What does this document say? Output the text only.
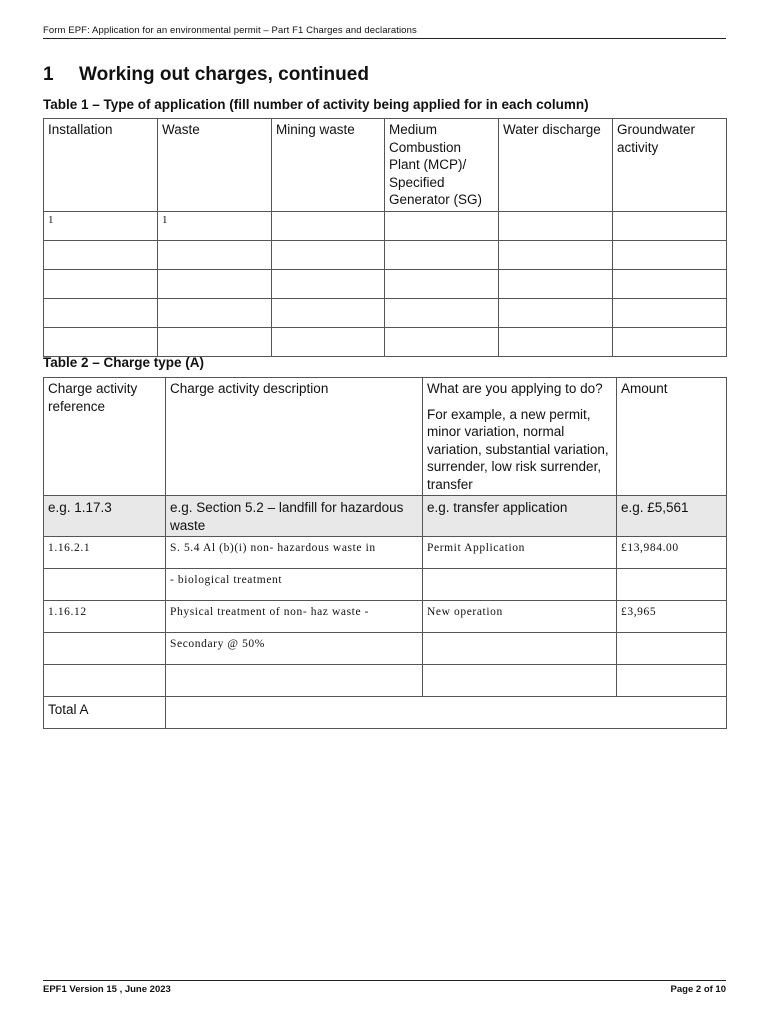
Form EPF: Application for an environmental permit – Part F1 Charges and declarations
1 Working out charges, continued
Table 1 – Type of application (fill number of activity being applied for in each column)
Installation	Waste	Mining waste	Medium Combustion Plant (MCP)/ Specified Generator (SG)	Water discharge	Groundwater activity
1	1				

Table 2 – Charge type (A)
Charge activity reference	Charge activity description	What are you applying to do?
For example, a new permit, minor variation, normal variation, substantial variation, surrender, low risk surrender, transfer	Amount
e.g. 1.17.3	e.g. Section 5.2 – landfill for hazardous waste	e.g. transfer application	e.g. £5,561
1.16.2.1	S. 5.4 Al (b)(i) non- hazardous waste in	Permit Application	£13,984.00
	- biological treatment		
1.16.12	Physical treatment of non- haz waste -	New operation	£3,965
	Secondary @ 50%		

Total A			
EPF1 Version 15 , June 2023	Page 2 of 10
